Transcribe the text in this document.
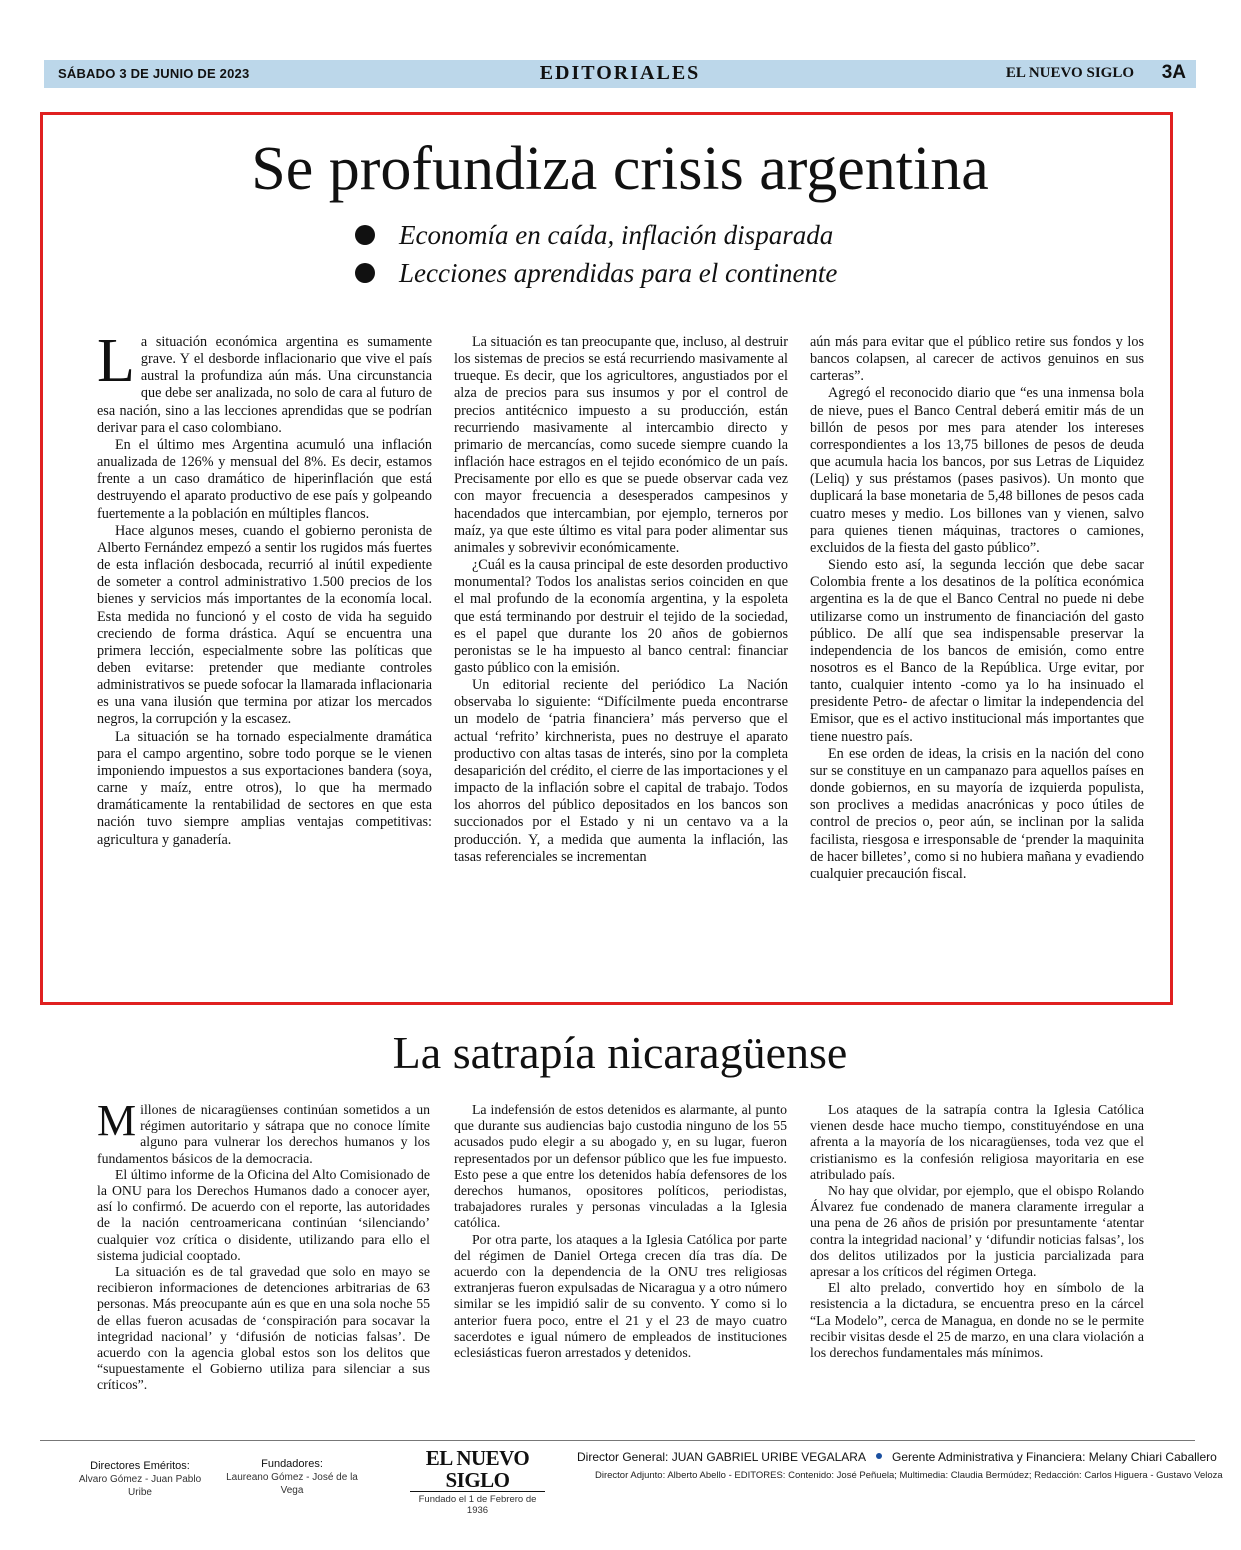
SÁBADO 3 DE JUNIO DE 2023	EDITORIALES	EL NUEVO SIGLO 3A
Se profundiza crisis argentina
Economía en caída, inflación disparada
Lecciones aprendidas para el continente

La situación económica argentina es sumamente grave. Y el desborde inflacionario que vive el país austral la profundiza aún más. Una circunstancia que debe ser analizada, no solo de cara al futuro de esa nación, sino a las lecciones aprendidas que se podrían derivar para el caso colombiano.

En el último mes Argentina acumuló una inflación anualizada de 126% y mensual del 8%. Es decir, estamos frente a un caso dramático de hiperinflación que está destruyendo el aparato productivo de ese país y golpeando fuertemente a la población en múltiples flancos.

Hace algunos meses, cuando el gobierno peronista de Alberto Fernández empezó a sentir los rugidos más fuertes de esta inflación desbocada, recurrió al inútil expediente de someter a control administrativo 1.500 precios de los bienes y servicios más importantes de la economía local. Esta medida no funcionó y el costo de vida ha seguido creciendo de forma drástica. Aquí se encuentra una primera lección, especialmente sobre las políticas que deben evitarse: pretender que mediante controles administrativos se puede sofocar la llamarada inflacionaria es una vana ilusión que termina por atizar los mercados negros, la corrupción y la escasez.

La situación se ha tornado especialmente dramática para el campo argentino, sobre todo porque se le vienen imponiendo impuestos a sus exportaciones bandera (soya, carne y maíz, entre otros), lo que ha mermado dramáticamente la rentabilidad de sectores en que esta nación tuvo siempre amplias ventajas competitivas: agricultura y ganadería.

La situación es tan preocupante que, incluso, al destruir los sistemas de precios se está recurriendo masivamente al trueque. Es decir, que los agricultores, angustiados por el alza de precios para sus insumos y por el control de precios antitécnico impuesto a su producción, están recurriendo masivamente al intercambio directo y primario de mercancías, como sucede siempre cuando la inflación hace estragos en el tejido económico de un país. Precisamente por ello es que se puede observar cada vez con mayor frecuencia a desesperados campesinos y hacendados que intercambian, por ejemplo, terneros por maíz, ya que este último es vital para poder alimentar sus animales y sobrevivir económicamente.

¿Cuál es la causa principal de este desorden productivo monumental? Todos los analistas serios coinciden en que el mal profundo de la economía argentina, y la espoleta que está terminando por destruir el tejido de la sociedad, es el papel que durante los 20 años de gobiernos peronistas se le ha impuesto al banco central: financiar gasto público con la emisión.

Un editorial reciente del periódico La Nación observaba lo siguiente: “Difícilmente pueda encontrarse un modelo de ‘patria financiera’ más perverso que el actual ‘refrito’ kirchnerista, pues no destruye el aparato productivo con altas tasas de interés, sino por la completa desaparición del crédito, el cierre de las importaciones y el impacto de la inflación sobre el capital de trabajo. Todos los ahorros del público depositados en los bancos son succionados por el Estado y ni un centavo va a la producción. Y, a medida que aumenta la inflación, las tasas referenciales se incrementan

aún más para evitar que el público retire sus fondos y los bancos colapsen, al carecer de activos genuinos en sus carteras”.

Agregó el reconocido diario que “es una inmensa bola de nieve, pues el Banco Central deberá emitir más de un billón de pesos por mes para atender los intereses correspondientes a los 13,75 billones de pesos de deuda que acumula hacia los bancos, por sus Letras de Liquidez (Leliq) y sus préstamos (pases pasivos). Un monto que duplicará la base monetaria de 5,48 billones de pesos cada cuatro meses y medio. Los billones van y vienen, salvo para quienes tienen máquinas, tractores o camiones, excluidos de la fiesta del gasto público”.

Siendo esto así, la segunda lección que debe sacar Colombia frente a los desatinos de la política económica argentina es la de que el Banco Central no puede ni debe utilizarse como un instrumento de financiación del gasto público. De allí que sea indispensable preservar la independencia de los bancos de emisión, como entre nosotros es el Banco de la República. Urge evitar, por tanto, cualquier intento -como ya lo ha insinuado el presidente Petro- de afectar o limitar la independencia del Emisor, que es el activo institucional más importantes que tiene nuestro país.

En ese orden de ideas, la crisis en la nación del cono sur se constituye en un campanazo para aquellos países en donde gobiernos, en su mayoría de izquierda populista, son proclives a medidas anacrónicas y poco útiles de control de precios o, peor aún, se inclinan por la salida facilista, riesgosa e irresponsable de ‘prender la maquinita de hacer billetes’, como si no hubiera mañana y evadiendo cualquier precaución fiscal.

La satrapía nicaragüense

Millones de nicaragüenses continúan sometidos a un régimen autoritario y sátrapa que no conoce límite alguno para vulnerar los derechos humanos y los fundamentos básicos de la democracia.

El último informe de la Oficina del Alto Comisionado de la ONU para los Derechos Humanos dado a conocer ayer, así lo confirmó. De acuerdo con el reporte, las autoridades de la nación centroamericana continúan ‘silenciando’ cualquier voz crítica o disidente, utilizando para ello el sistema judicial cooptado.

La situación es de tal gravedad que solo en mayo se recibieron informaciones de detenciones arbitrarias de 63 personas. Más preocupante aún es que en una sola noche 55 de ellas fueron acusadas de ‘conspiración para socavar la integridad nacional’ y ‘difusión de noticias falsas’. De acuerdo con la agencia global estos son los delitos que “supuestamente el Gobierno utiliza para silenciar a sus críticos”.

La indefensión de estos detenidos es alarmante, al punto que durante sus audiencias bajo custodia ninguno de los 55 acusados pudo elegir a su abogado y, en su lugar, fueron representados por un defensor público que les fue impuesto. Esto pese a que entre los detenidos había defensores de los derechos humanos, opositores políticos, periodistas, trabajadores rurales y personas vinculadas a la Iglesia católica.

Por otra parte, los ataques a la Iglesia Católica por parte del régimen de Daniel Ortega crecen día tras día. De acuerdo con la dependencia de la ONU tres religiosas extranjeras fueron expulsadas de Nicaragua y a otro número similar se les impidió salir de su convento. Y como si lo anterior fuera poco, entre el 21 y el 23 de mayo cuatro sacerdotes e igual número de empleados de instituciones eclesiásticas fueron arrestados y detenidos.

Los ataques de la satrapía contra la Iglesia Católica vienen desde hace mucho tiempo, constituyéndose en una afrenta a la mayoría de los nicaragüenses, toda vez que el cristianismo es la confesión religiosa mayoritaria en ese atribulado país.

No hay que olvidar, por ejemplo, que el obispo Rolando Álvarez fue condenado de manera claramente irregular a una pena de 26 años de prisión por presuntamente ‘atentar contra la integridad nacional’ y ‘difundir noticias falsas’, los dos delitos utilizados por la justicia parcializada para apresar a los críticos del régimen Ortega.

El alto prelado, convertido hoy en símbolo de la resistencia a la dictadura, se encuentra preso en la cárcel “La Modelo”, cerca de Managua, en donde no se le permite recibir visitas desde el 25 de marzo, en una clara violación a los derechos fundamentales más mínimos.

Directores Eméritos:
Alvaro Gómez - Juan Pablo Uribe
Fundadores:
Laureano Gómez - José de la Vega
EL NUEVO SIGLO
Fundado el 1 de Febrero de 1936
Director General: JUAN GABRIEL URIBE VEGALARA Gerente Administrativa y Financiera: Melany Chiari Caballero
Director Adjunto: Alberto Abello - EDITORES: Contenido: José Peñuela; Multimedia: Claudia Bermúdez; Redacción: Carlos Higuera - Gustavo Veloza
